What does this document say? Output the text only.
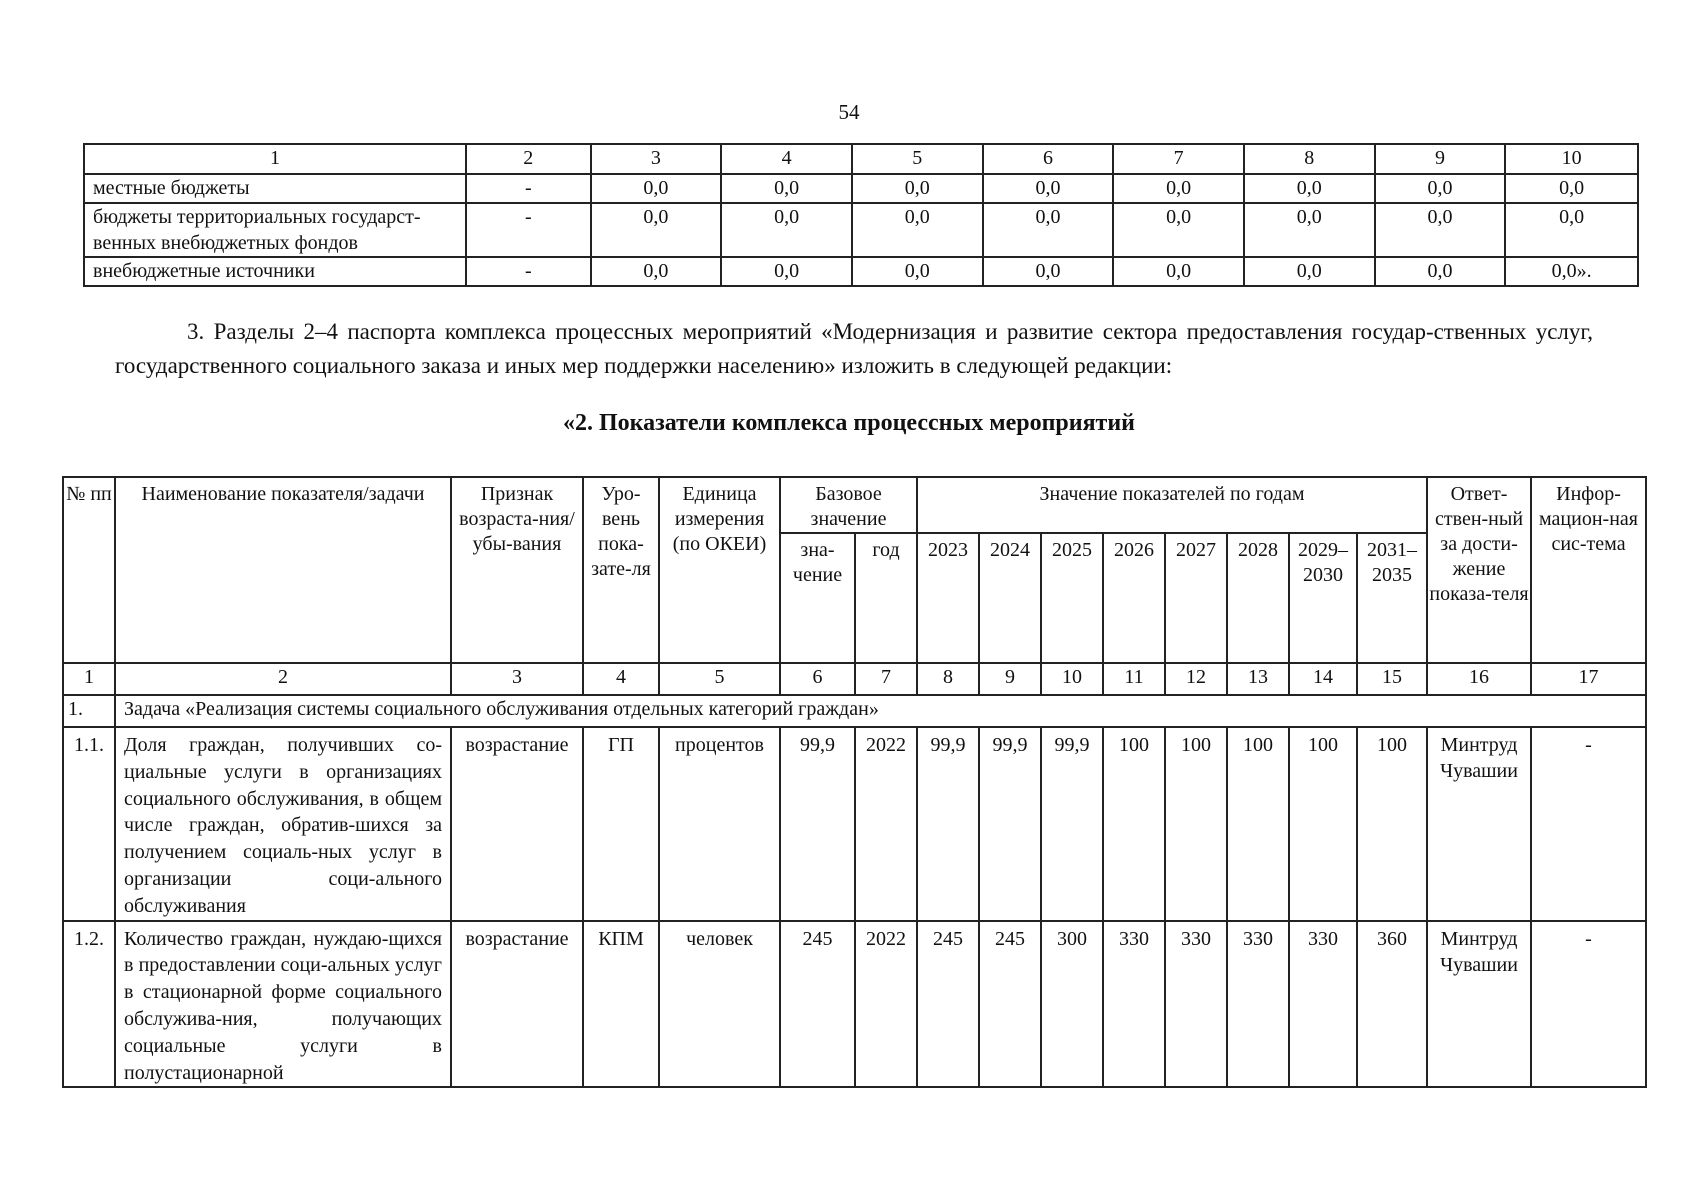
54
1	2	3	4	5	6	7	8	9	10
местные бюджеты	-	0,0	0,0	0,0	0,0	0,0	0,0	0,0	0,0
бюджеты территориальных государст-венных внебюджетных фондов	-	0,0	0,0	0,0	0,0	0,0	0,0	0,0	0,0
внебюджетные источники	-	0,0	0,0	0,0	0,0	0,0	0,0	0,0	0,0».
3. Разделы 2–4 паспорта комплекса процессных мероприятий «Модернизация и развитие сектора предоставления государ-ственных услуг, государственного социального заказа и иных мер поддержки населению» изложить в следующей редакции:
«2. Показатели комплекса процессных мероприятий
№ пп	Наименование показателя/задачи	Признак возраста-ния/убы-вания	Уро-вень пока-зате-ля	Единица измерения (по ОКЕИ)	Базовое значение		Значение показателей по годам								Ответ-ствен-ный за дости-жение показа-теля	Инфор-мацион-ная сис-тема
					зна-чение	год	2023	2024	2025	2026	2027	2028	2029–2030	2031–2035		
1	2	3	4	5	6	7	8	9	10	11	12	13	14	15	16	17
1.	Задача «Реализация системы социального обслуживания отдельных категорий граждан»															
1.1.	Доля граждан, получивших со-циальные услуги в организациях социального обслуживания, в общем числе граждан, обратив-шихся за получением социаль-ных услуг в организации соци-ального обслуживания	возрастание	ГП	процентов	99,9	2022	99,9	99,9	99,9	100	100	100	100	100	Минтруд Чувашии	-
1.2.	Количество граждан, нуждаю-щихся в предоставлении соци-альных услуг в стационарной форме социального обслужива-ния, получающих социальные услуги в полустационарной	возрастание	КПМ	человек	245	2022	245	245	300	330	330	330	330	360	Минтруд Чувашии	-
